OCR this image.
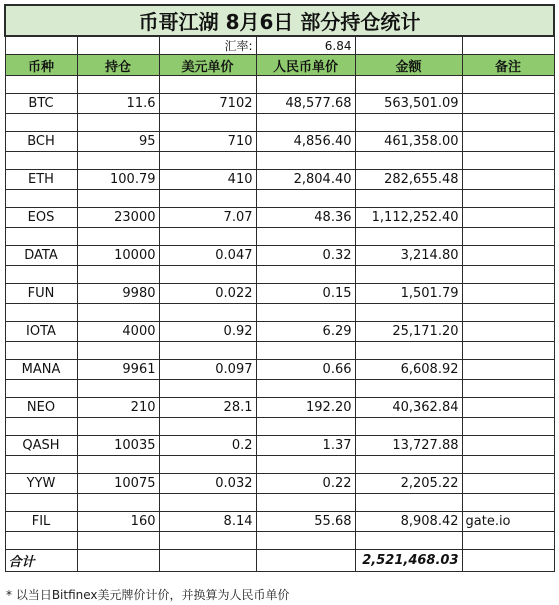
币哥江湖 8月6日 部分持仓统计					
		汇率:	6.84		
币种	持仓	美元单价	人民币单价	金额	备注

BTC	11.6	7102	48,577.68	563,501.09	

BCH	95	710	4,856.40	461,358.00	

ETH	100.79	410	2,804.40	282,655.48	

EOS	23000	7.07	48.36	1,112,252.40	

DATA	10000	0.047	0.32	3,214.80	

FUN	9980	0.022	0.15	1,501.79	

IOTA	4000	0.92	6.29	25,171.20	

MANA	9961	0.097	0.66	6,608.92	

NEO	210	28.1	192.20	40,362.84	

QASH	10035	0.2	1.37	13,727.88	

YYW	10075	0.032	0.22	2,205.22	

FIL	160	8.14	55.68	8,908.42	gate.io

合计				2,521,468.03	
* 以当日Bitfinex美元牌价计价，并换算为人民币单价
